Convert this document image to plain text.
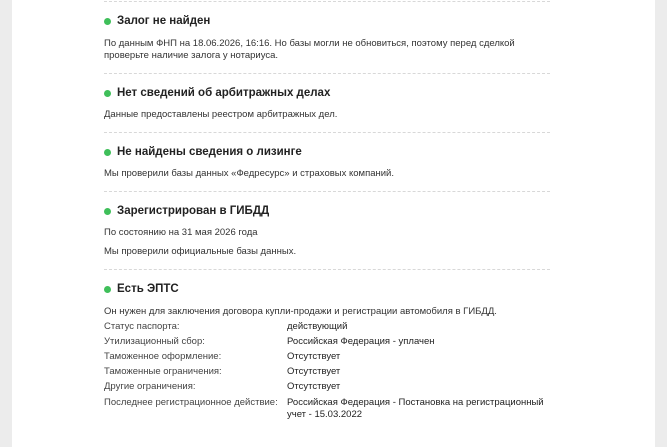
Залог не найден

По данным ФНП на 18.06.2026, 16:16. Но базы могли не обновиться, поэтому перед сделкой

проверьте наличие залога у нотариуса.

Нет сведений об арбитражных делах

Данные предоставлены реестром арбитражных дел.

Не найдены сведения о лизинге

Мы проверили базы данных «Федресурс» и страховых компаний.

Зарегистрирован в ГИБДД

По состоянию на 31 мая 2026 года

Мы проверили официальные базы данных.

Есть ЭПТС

Он нужен для заключения договора купли-продажи и регистрации автомобиля в ГИБДД.

Статус паспорта:	действующий
Утилизационный сбор:	Российская Федерация - уплачен
Таможенное оформление:	Отсутствует
Таможенные ограничения:	Отсутствует
Другие ограничения:	Отсутствует
Последнее регистрационное действие: Российская Федерация - Постановка на регистрационный учет - 15.03.2022
